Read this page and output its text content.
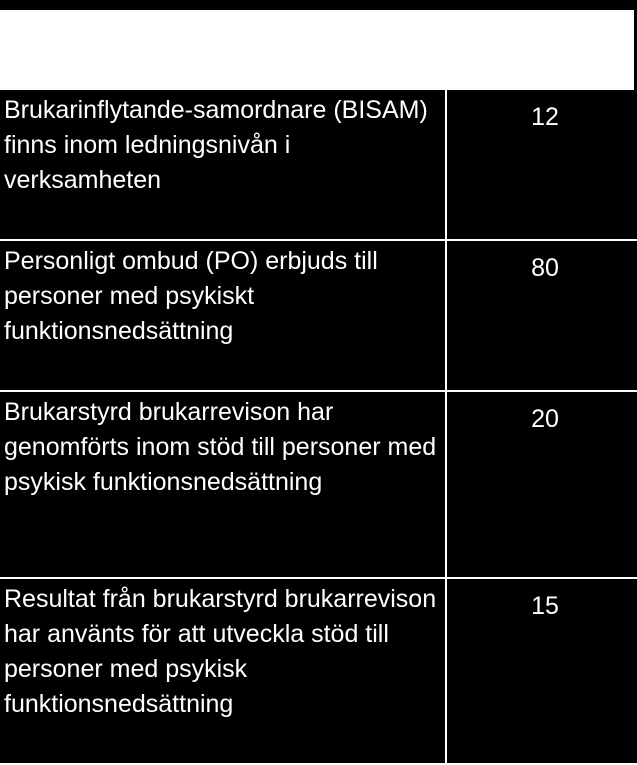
Brukarinflytande-samordnare (BISAM) finns inom ledningsnivån i verksamheten	12
Personligt ombud (PO) erbjuds till personer med psykiskt funktionsnedsättning	80
Brukarstyrd brukarrevison har genomförts inom stöd till personer med psykisk funktionsnedsättning	20
Resultat från brukarstyrd brukarrevison har använts för att utveckla stöd till personer med psykisk funktionsnedsättning	15
